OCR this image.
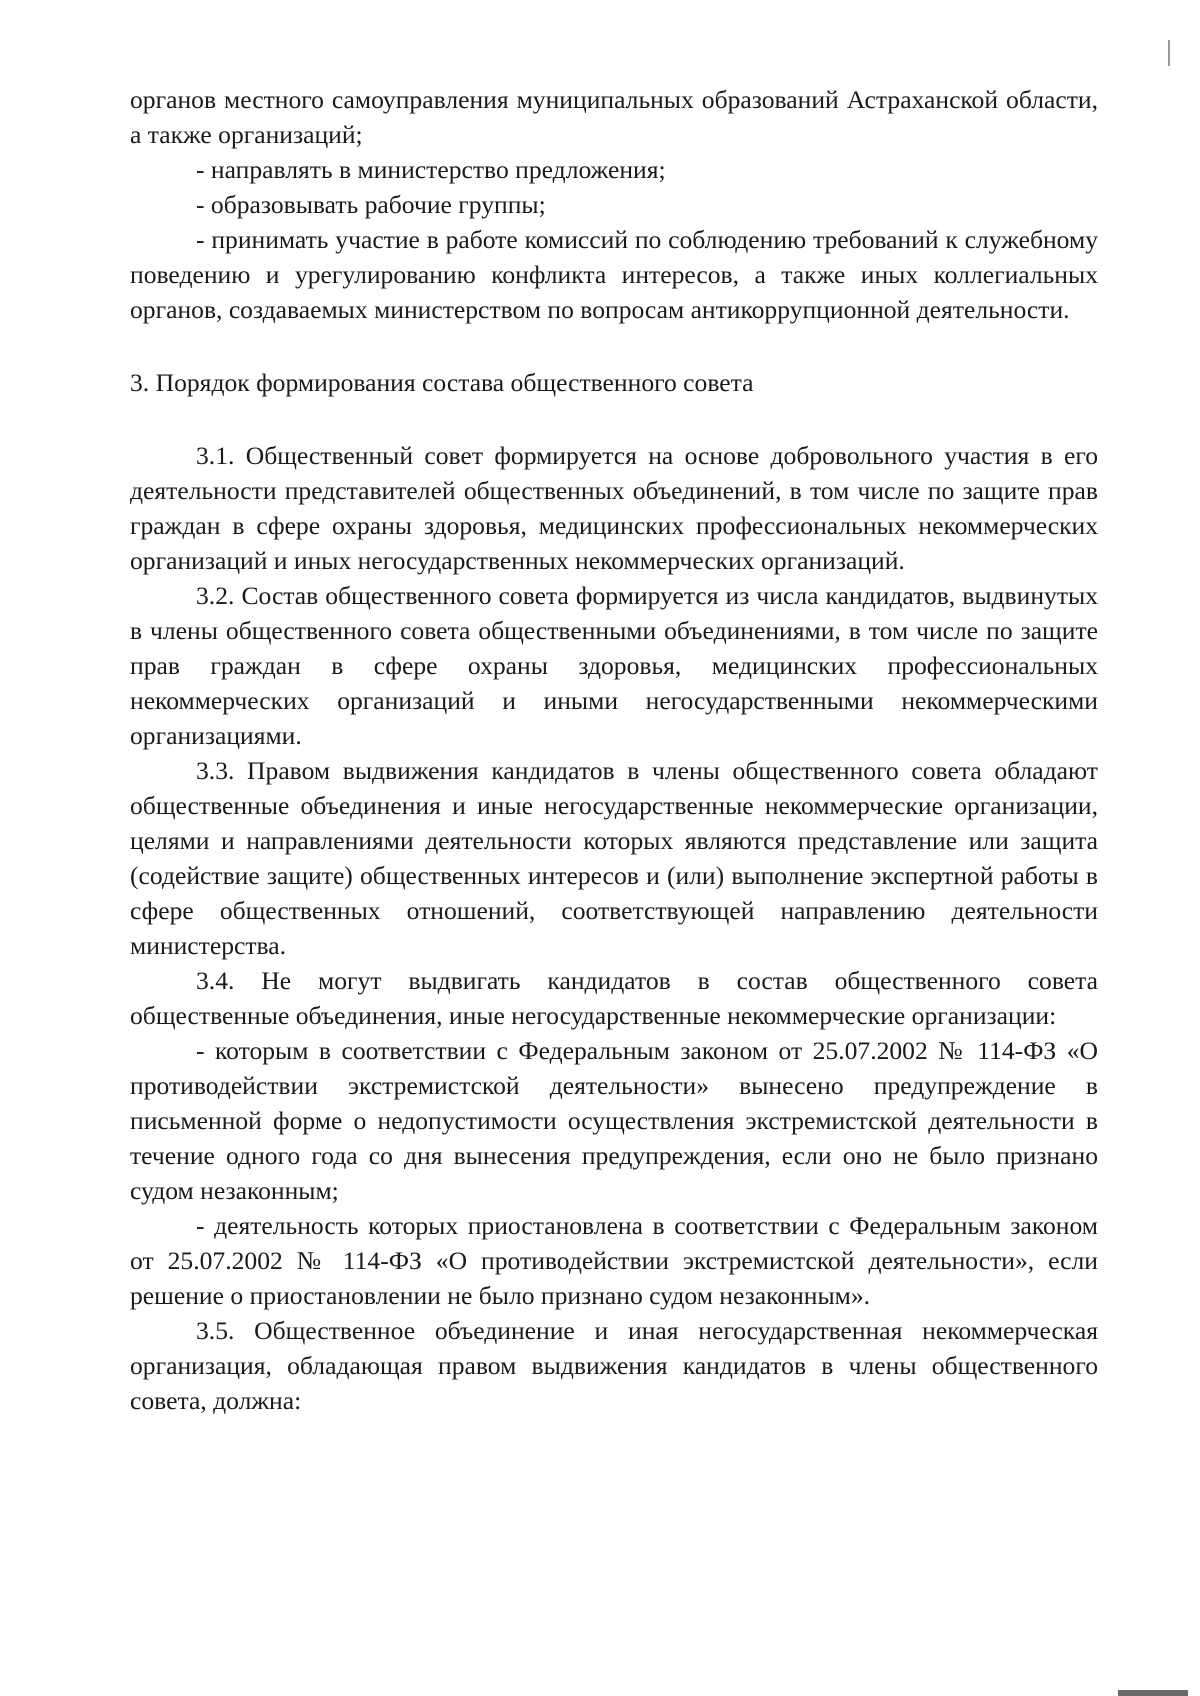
органов местного самоуправления муниципальных образований Астраханской области, а также организаций;

- направлять в министерство предложения;

- образовывать рабочие группы;

- принимать участие в работе комиссий по соблюдению требований к служебному поведению и урегулированию конфликта интересов, а также иных коллегиальных органов, создаваемых министерством по вопросам антикоррупционной деятельности.

3. Порядок формирования состава общественного совета

3.1. Общественный совет формируется на основе добровольного участия в его деятельности представителей общественных объединений, в том числе по защите прав граждан в сфере охраны здоровья, медицинских профессиональных некоммерческих организаций и иных негосударственных некоммерческих организаций.

3.2. Состав общественного совета формируется из числа кандидатов, выдвинутых в члены общественного совета общественными объединениями, в том числе по защите прав граждан в сфере охраны здоровья, медицинских профессиональных некоммерческих организаций и иными негосударственными некоммерческими организациями.

3.3. Правом выдвижения кандидатов в члены общественного совета обладают общественные объединения и иные негосударственные некоммерческие организации, целями и направлениями деятельности которых являются представление или защита (содействие защите) общественных интересов и (или) выполнение экспертной работы в сфере общественных отношений, соответствующей направлению деятельности министерства.

3.4. Не могут выдвигать кандидатов в состав общественного совета общественные объединения, иные негосударственные некоммерческие организации:

- которым в соответствии с Федеральным законом от 25.07.2002 № 114-ФЗ «О противодействии экстремистской деятельности» вынесено предупреждение в письменной форме о недопустимости осуществления экстремистской деятельности в течение одного года со дня вынесения предупреждения, если оно не было признано судом незаконным;

- деятельность которых приостановлена в соответствии с Федеральным законом от 25.07.2002 № 114-ФЗ «О противодействии экстремистской деятельности», если решение о приостановлении не было признано судом незаконным».

3.5. Общественное объединение и иная негосударственная некоммерческая организация, обладающая правом выдвижения кандидатов в члены общественного совета, должна:
